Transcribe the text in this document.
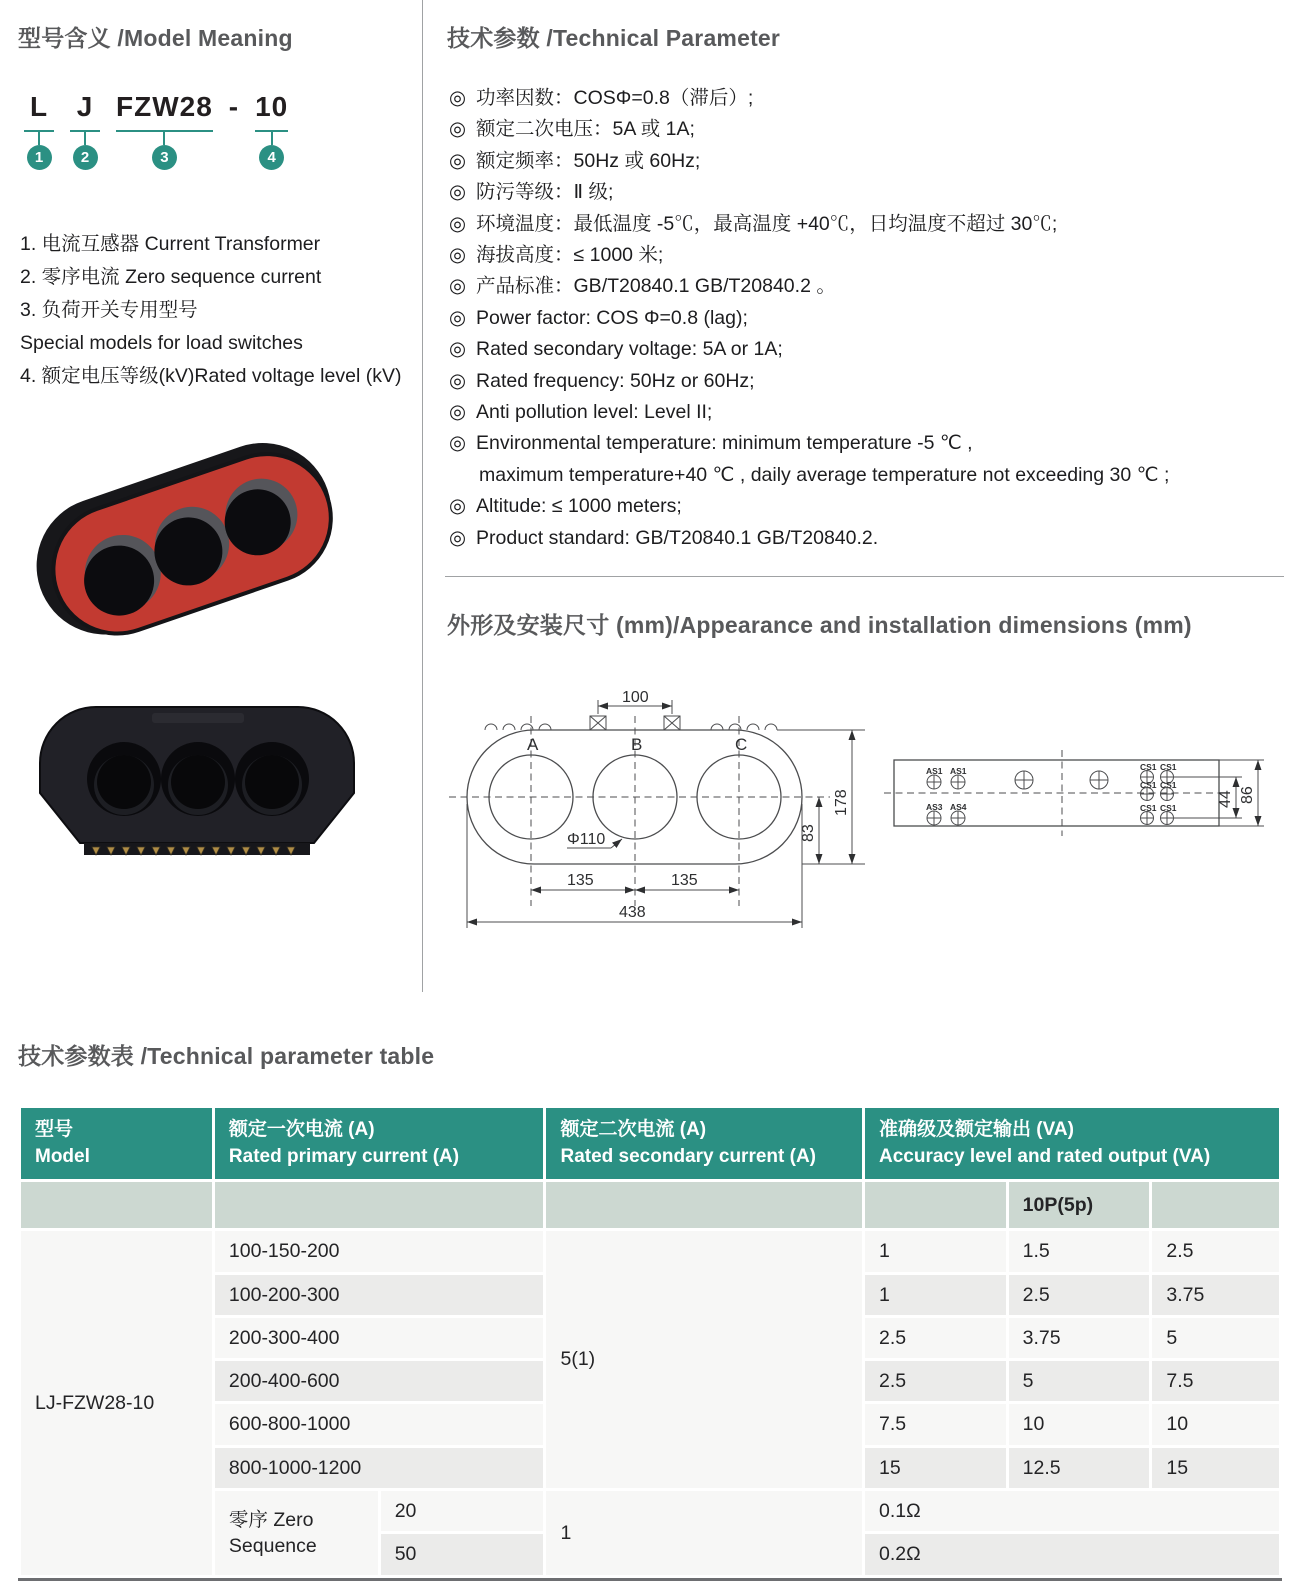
型号含义 /Model Meaning
L
1
J
2
FZW28
3
- 10
4
1. 电流互感器 Current Transformer
2. 零序电流 Zero sequence current
3. 负荷开关专用型号
Special models for load switches
4. 额定电压等级(kV)Rated voltage level (kV)
技术参数 /Technical Parameter
◎ 功率因数：COSΦ=0.8（滞后）;
◎ 额定二次电压：5A 或 1A;
◎ 额定频率：50Hz 或 60Hz;
◎ 防污等级：Ⅱ 级;
◎ 环境温度：最低温度 -5℃，最高温度 +40℃，日均温度不超过 30℃;
◎ 海拔高度：≤ 1000 米;
◎ 产品标准：GB/T20840.1 GB/T20840.2 。
◎ Power factor: COS Φ=0.8 (lag);
◎ Rated secondary voltage: 5A or 1A;
◎ Rated frequency: 50Hz or 60Hz;
◎ Anti pollution level: Level II;
◎ Environmental temperature: minimum temperature -5 ℃ ,
maximum temperature+40 ℃ , daily average temperature not exceeding 30 ℃ ;
◎ Altitude: ≤ 1000 meters;
◎ Product standard: GB/T20840.1 GB/T20840.2.
外形及安装尺寸 (mm)/Appearance and installation dimensions (mm)
A	B	C
100
Φ110	83
178
135	135
438
AS1 AS1
AS3 AS4
CS1 CS1
CS1 CS1
CS1 CS1	44 86
技术参数表 /Technical parameter table
型号
Model

额定一次电流 (A)
Rated primary current (A)

额定二次电流 (A)
Rated secondary current (A)

准确级及额定输出 (VA)
Accuracy level and rated output (VA)

					10P(5p)	
LJ-FZW28-10	100-150-200		5(1)	1	1.5	2.5
	100-200-300			1	2.5	3.75
	200-300-400			2.5	3.75	5
	200-400-600			2.5	5	7.5
	600-800-1000			7.5	10	10
	800-1000-1200			15	12.5	15
	零序 Zero Sequence	20	1	0.1Ω		
		50		0.2Ω		
